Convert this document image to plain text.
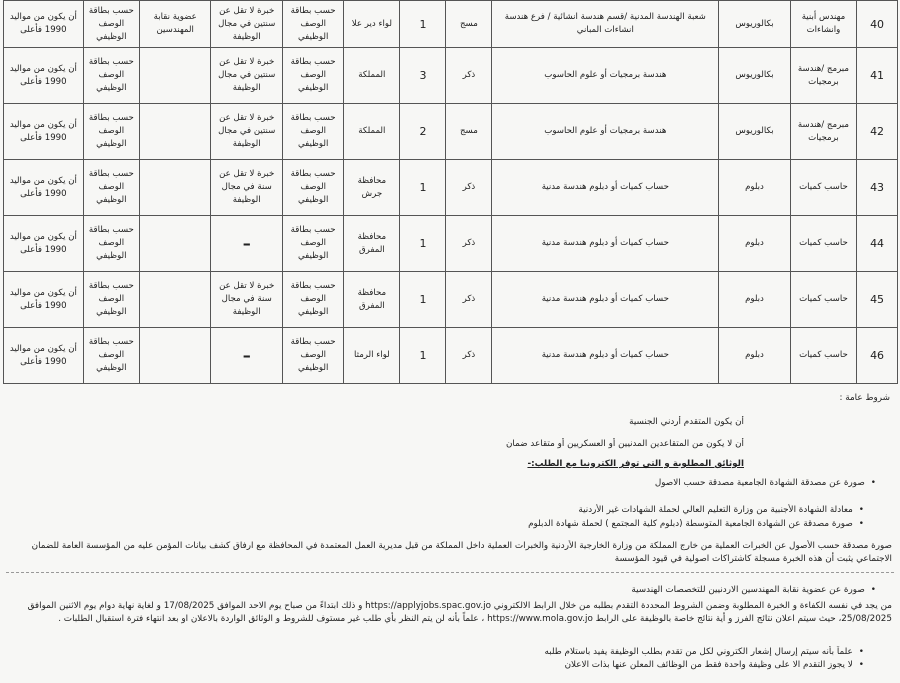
40	مهندس أبنية وانشاءات	بكالوريوس	شعبة الهندسة المدنية /قسم هندسة انشائية / فرع هندسة انشاءات المباني	مسج	1	لواء دير علا	حسب بطاقة الوصف الوظيفي	خبرة لا تقل عن سنتين في مجال الوظيفة	عضوية نقابة المهندسين	حسب بطاقة الوصف الوظيفي	أن يكون من مواليد 1990 فأعلى
41	مبرمج /هندسة برمجيات	بكالوريوس	هندسة برمجيات أو علوم الحاسوب	ذكر	3	المملكة	حسب بطاقة الوصف الوظيفي	خبرة لا تقل عن سنتين في مجال الوظيفة		حسب بطاقة الوصف الوظيفي	أن يكون من مواليد 1990 فأعلى
42	مبرمج /هندسة برمجيات	بكالوريوس	هندسة برمجيات أو علوم الحاسوب	مسج	2	المملكة	حسب بطاقة الوصف الوظيفي	خبرة لا تقل عن سنتين في مجال الوظيفة		حسب بطاقة الوصف الوظيفي	أن يكون من مواليد 1990 فأعلى
43	حاسب كميات	دبلوم	حساب كميات أو دبلوم هندسة مدنية	ذكر	1	محافظة جرش	حسب بطاقة الوصف الوظيفي	خبرة لا تقل عن سنة في مجال الوظيفة		حسب بطاقة الوصف الوظيفي	أن يكون من مواليد 1990 فأعلى
44	حاسب كميات	دبلوم	حساب كميات أو دبلوم هندسة مدنية	ذكر	1	محافظة المفرق	حسب بطاقة الوصف الوظيفي	–		حسب بطاقة الوصف الوظيفي	أن يكون من مواليد 1990 فأعلى
45	حاسب كميات	دبلوم	حساب كميات أو دبلوم هندسة مدنية	ذكر	1	محافظة المفرق	حسب بطاقة الوصف الوظيفي	خبرة لا تقل عن سنة في مجال الوظيفة		حسب بطاقة الوصف الوظيفي	أن يكون من مواليد 1990 فأعلى
46	حاسب كميات	دبلوم	حساب كميات أو دبلوم هندسة مدنية	ذكر	1	لواء الرمثا	حسب بطاقة الوصف الوظيفي	–		حسب بطاقة الوصف الوظيفي	أن يكون من مواليد 1990 فأعلى

شروط عامة :

أن يكون المتقدم أردني الجنسية

أن لا يكون من المتقاعدين المدنيين أو العسكريين أو متقاعد ضمان

الوثائق المطلوبة و التي توفر الكترونيا مع الطلب:-

• صورة عن مصدقة الشهادة الجامعية مصدقة حسب الاصول

• معادلة الشهادة الأجنبية من وزارة التعليم العالي لحملة الشهادات غير الأردنية

• صورة مصدقة عن الشهادة الجامعية المتوسطة (دبلوم كلية المجتمع ) لحملة شهادة الدبلوم

صورة مصدقة حسب الأصول عن الخبرات العملية من خارج المملكة من وزارة الخارجية الأردنية والخبرات العملية داخل المملكة من قبل مديرية العمل المعتمدة في المحافظة مع ارفاق كشف بيانات المؤمن عليه من المؤسسة العامة للضمان الاجتماعي يثبت أن هذه الخبرة مسجلة كاشتراكات اصولية في قيود المؤسسة

• صورة عن عضوية نقابة المهندسين الاردنيين للتخصصات الهندسية

من يجد في نفسه الكفاءة و الخبرة المطلوبة وضمن الشروط المحددة التقدم بطلبه من خلال الرابط الالكتروني https://applyjobs.spac.gov.jo و ذلك ابتداءً من صباح يوم الاحد الموافق 17/08/2025 و لغاية نهاية دوام يوم الاثنين الموافق 25/08/2025، حيث سيتم اعلان نتائج الفرز و أية نتائج خاصة بالوظيفة على الرابط https://www.mola.gov.jo ، علماً بأنه لن يتم النظر بأي طلب غير مستوف للشروط و الوثائق الواردة بالاعلان او بعد انتهاء فترة استقبال الطلبات .

• علماً بأنه سيتم إرسال إشعار الكتروني لكل من تقدم بطلب الوظيفة يفيد باستلام طلبه

• لا يجوز التقدم الا على وظيفة واحدة فقط من الوظائف المعلن عنها بذات الاعلان
